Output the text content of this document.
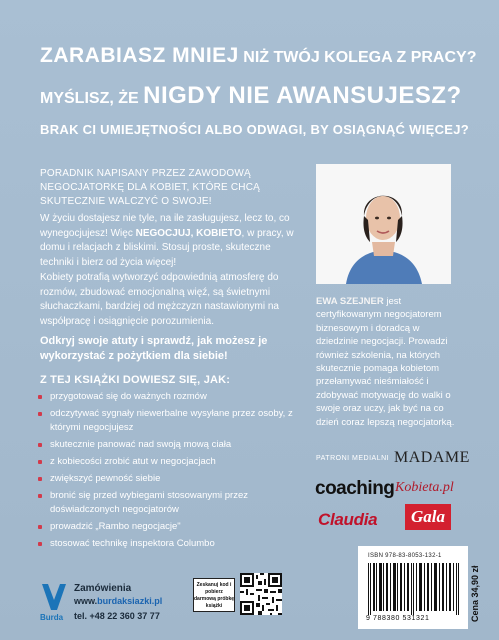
ZARABIASZ MNIEJ NIŻ TWÓJ KOLEGA Z PRACY?
MYŚLISZ, ŻE NIGDY NIE AWANSUJESZ?
BRAK CI UMIEJĘTNOŚCI ALBO ODWAGI, BY OSIĄGNĄĆ WIĘCEJ?
PORADNIK NAPISANY PRZEZ ZAWODOWĄ NEGOCJATORKĘ DLA KOBIET, KTÓRE CHCĄ SKUTECZNIE WALCZYĆ O SWOJE!
W życiu dostajesz nie tyle, na ile zasługujesz, lecz to, co wynegocjujesz! Więc NEGOCJUJ, KOBIETO, w pracy, w domu i relacjach z bliskimi. Stosuj proste, skuteczne techniki i bierz od życia więcej!
Kobiety potrafią wytworzyć odpowiednią atmosferę do rozmów, zbudować emocjonalną więź, są świetnymi słuchaczkami, bardziej od mężczyzn nastawionymi na współpracę i osiągnięcie porozumienia.
Odkryj swoje atuty i sprawdź, jak możesz je wykorzystać z pożytkiem dla siebie!
Z TEJ KSIĄŻKI DOWIESZ SIĘ, JAK:
przygotować się do ważnych rozmów
odczytywać sygnały niewerbalne wysyłane przez osoby, z którymi negocjujesz
skutecznie panować nad swoją mową ciała
z kobiecości zrobić atut w negocjacjach
zwiększyć pewność siebie
bronić się przed wybiegami stosowanymi przez doświadczonych negocjatorów
prowadzić „Rambo negocjacje"
stosować technikę inspektora Columbo
EWA SZEJNER jest certyfikowanym negocjatorem biznesowym i doradcą w dziedzinie negocjacji. Prowadzi również szkolenia, na których skutecznie pomaga kobietom przełamywać nieśmiałość i zdobywać motywację do walki o swoje oraz uczy, jak być na co dzień coraz lepszą negocjatorką.
PATRONI MEDIALNI MADAME
coaching Kobieta.pl
Claudia	Gala
Burda
Zamówienia
www.burdaksiazki.pl
tel. +48 22 360 37 77
Zeskanuj kod i pobierz darmową próbkę książki
ISBN 978-83-8053-132-1
9 788380 531321	Cena 34,90 zł
